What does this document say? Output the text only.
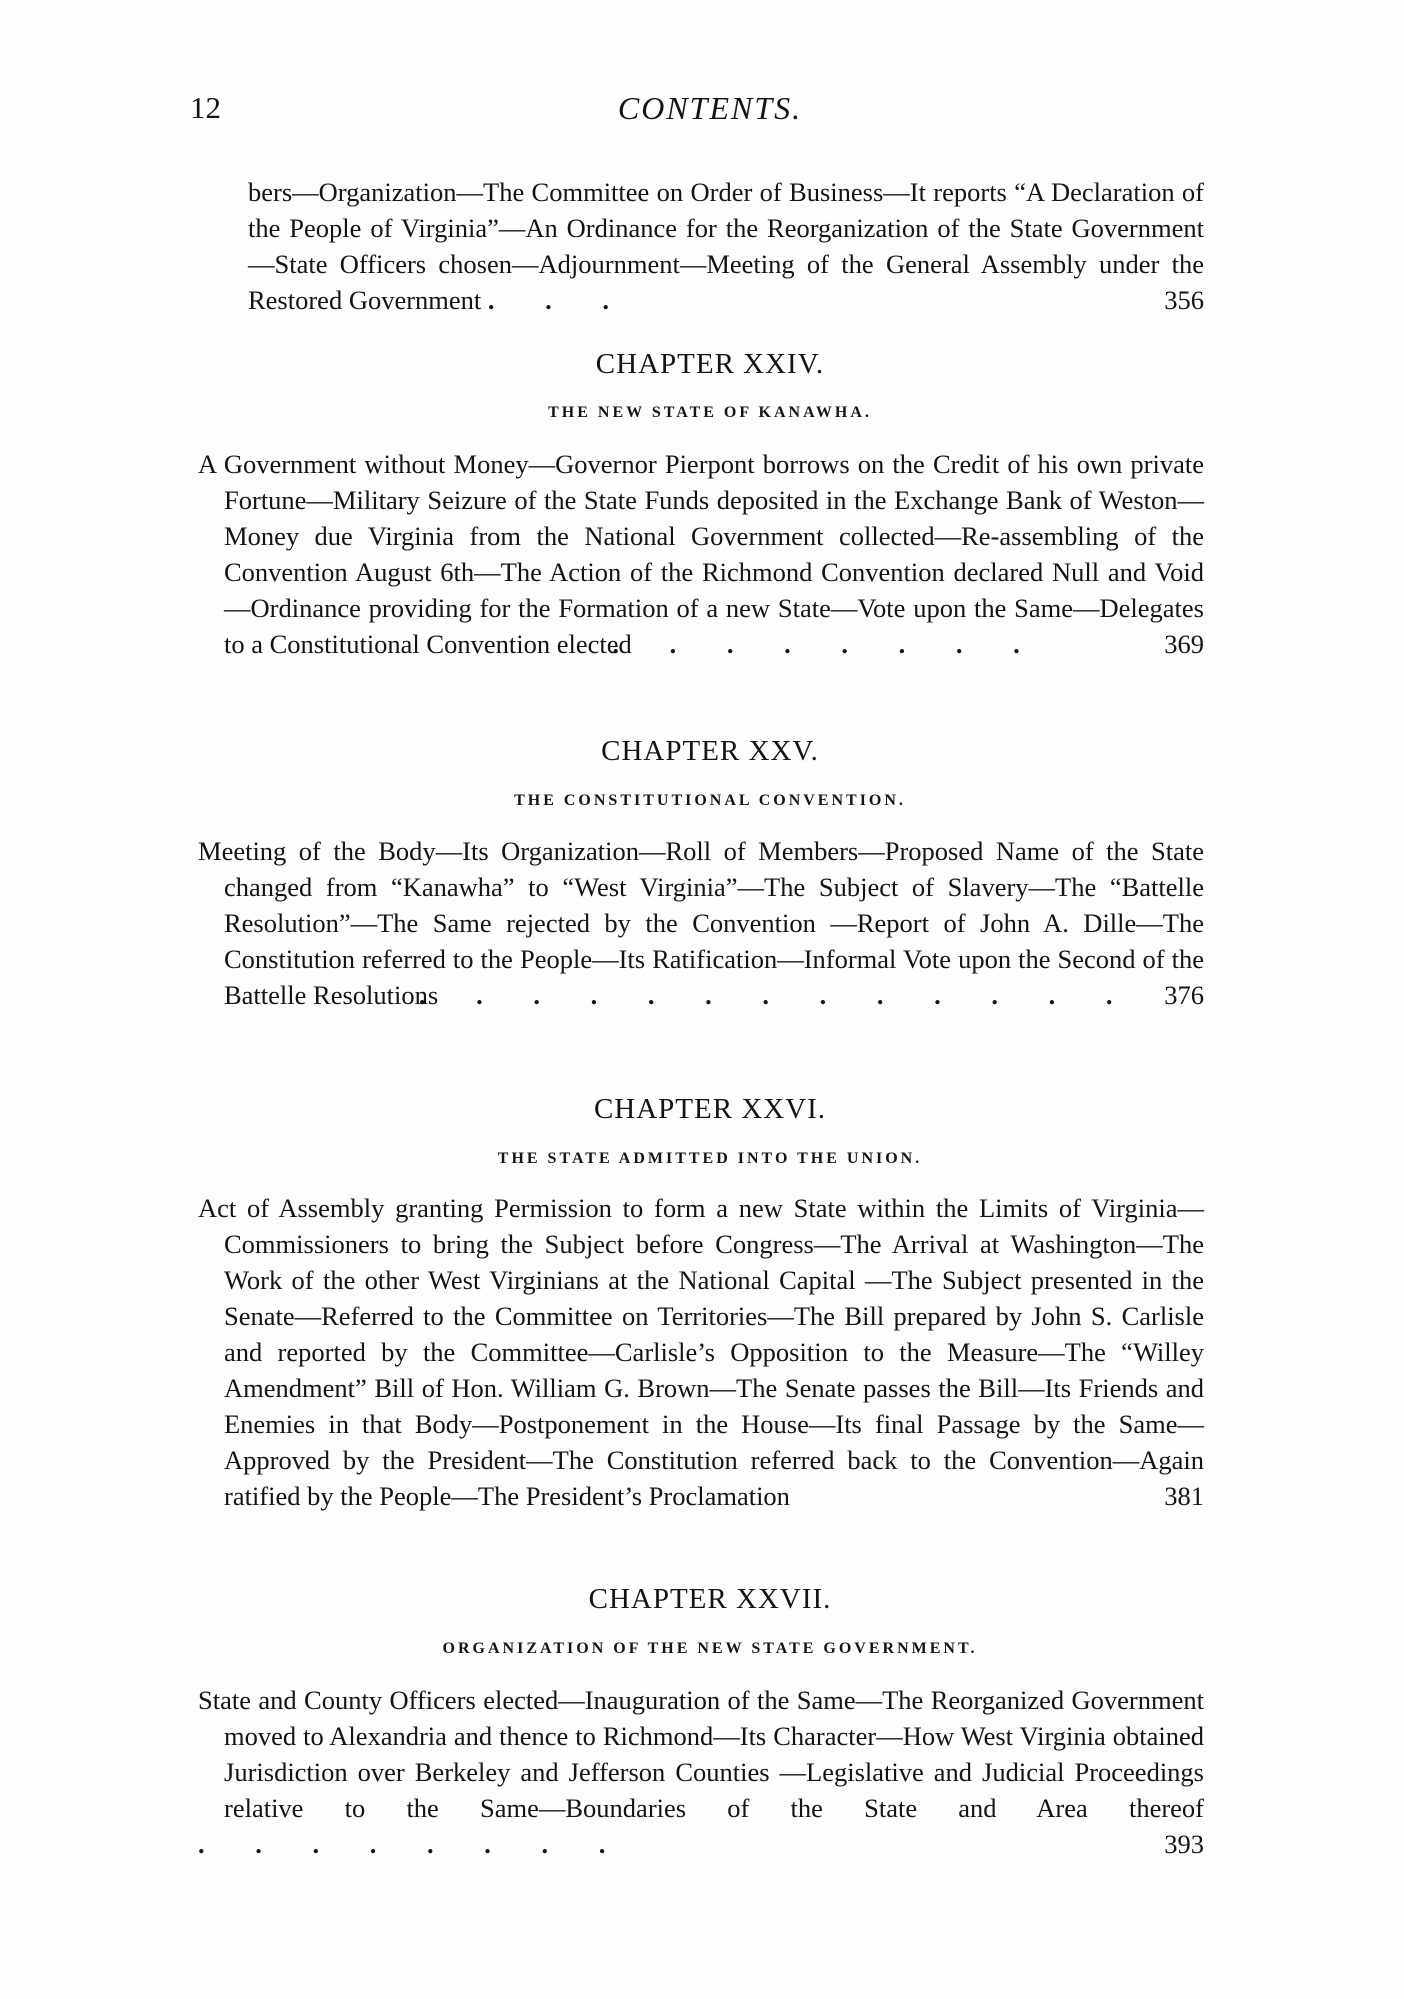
12	CONTENTS.
bers—Organization—The Committee on Order of Business—It reports “A Declaration of the People of Virginia”—An Ordinance for the Reorganization of the State Government—State Officers chosen—Adjournment—Meeting of the General Assembly under the Restored Government . . .	356
CHAPTER XXIV.
THE NEW STATE OF KANAWHA.
A Government without Money—Governor Pierpont borrows on the Credit of his own private Fortune—Military Seizure of the State Funds deposited in the Exchange Bank of Weston—Money due Virginia from the National Government collected—Re-assembling of the Convention August 6th—The Action of the Richmond Convention declared Null and Void—Ordinance providing for the Formation of a new State—Vote upon the Same—Delegates to a Constitutional Convention elected . . . . . . . .	369
CHAPTER XXV.
THE CONSTITUTIONAL CONVENTION.
Meeting of the Body—Its Organization—Roll of Members—Proposed Name of the State changed from “Kanawha” to “West Virginia”—The Subject of Slavery—The “Battelle Resolution”—The Same rejected by the Convention —Report of John A. Dille—The Constitution referred to the People—Its Ratification—Informal Vote upon the Second of the Battelle Resolutions . . . . . . . . . . . . . 376
CHAPTER XXVI.
THE STATE ADMITTED INTO THE UNION.
Act of Assembly granting Permission to form a new State within the Limits of Virginia—Commissioners to bring the Subject before Congress—The Arrival at Washington—The Work of the other West Virginians at the National Capital —The Subject presented in the Senate—Referred to the Committee on Territories—The Bill prepared by John S. Carlisle and reported by the Committee—Carlisle’s Opposition to the Measure—The “Willey Amendment” Bill of Hon. William G. Brown—The Senate passes the Bill—Its Friends and Enemies in that Body—Postponement in the House—Its final Passage by the Same—Approved by the President—The Constitution referred back to the Convention—Again ratified by the People—The President’s Proclamation	381
CHAPTER XXVII.
ORGANIZATION OF THE NEW STATE GOVERNMENT.
State and County Officers elected—Inauguration of the Same—The Reorganized Government moved to Alexandria and thence to Richmond—Its Character—How West Virginia obtained Jurisdiction over Berkeley and Jefferson Counties —Legislative and Judicial Proceedings relative to the Same—Boundaries of the State and Area thereof . . . . . . . .	393
